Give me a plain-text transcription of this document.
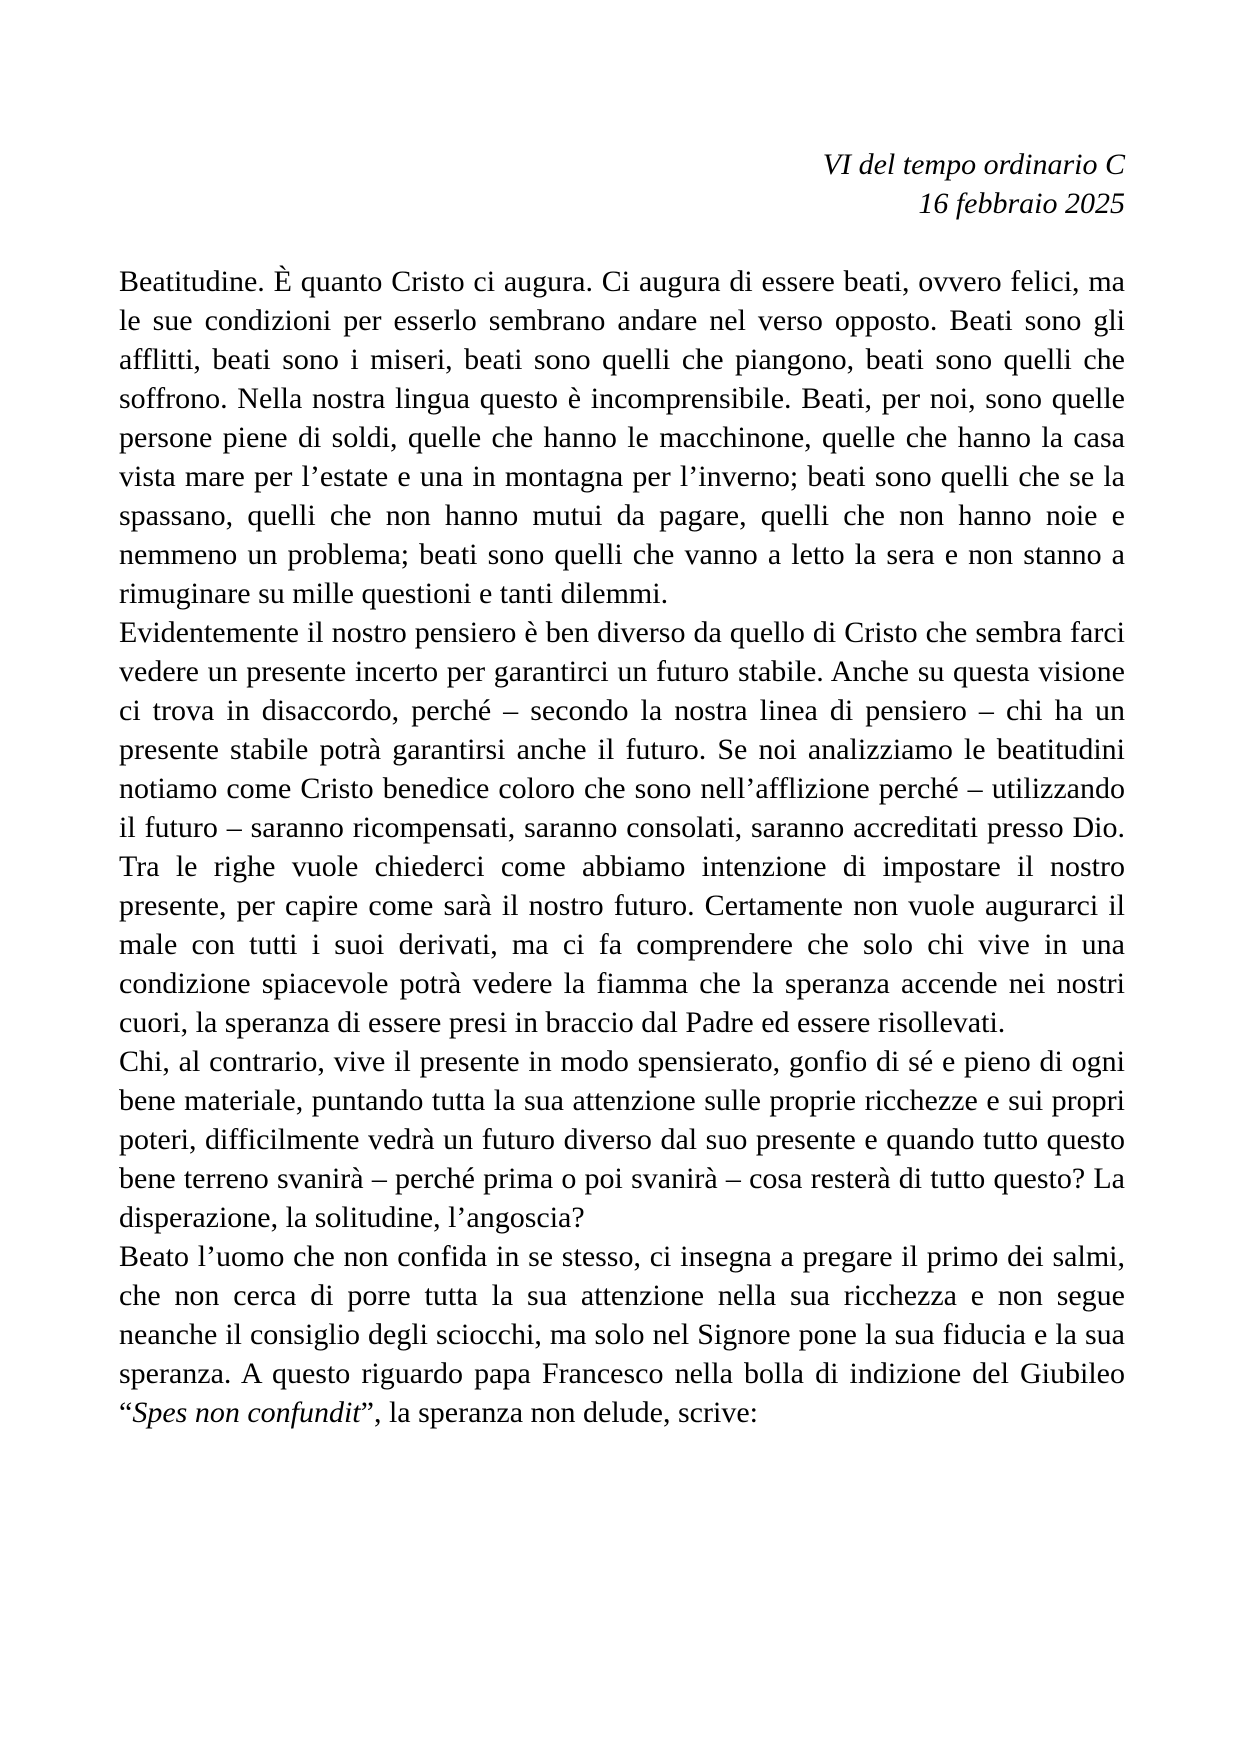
VI del tempo ordinario C
16 febbraio 2025

Beatitudine. È quanto Cristo ci augura. Ci augura di essere beati, ovvero felici, ma le sue condizioni per esserlo sembrano andare nel verso opposto. Beati sono gli afflitti, beati sono i miseri, beati sono quelli che piangono, beati sono quelli che soffrono. Nella nostra lingua questo è incomprensibile. Beati, per noi, sono quelle persone piene di soldi, quelle che hanno le macchinone, quelle che hanno la casa vista mare per l’estate e una in montagna per l’inverno; beati sono quelli che se la spassano, quelli che non hanno mutui da pagare, quelli che non hanno noie e nemmeno un problema; beati sono quelli che vanno a letto la sera e non stanno a rimuginare su mille questioni e tanti dilemmi.

Evidentemente il nostro pensiero è ben diverso da quello di Cristo che sembra farci vedere un presente incerto per garantirci un futuro stabile. Anche su questa visione ci trova in disaccordo, perché – secondo la nostra linea di pensiero – chi ha un presente stabile potrà garantirsi anche il futuro. Se noi analizziamo le beatitudini notiamo come Cristo benedice coloro che sono nell’afflizione perché – utilizzando il futuro – saranno ricompensati, saranno consolati, saranno accreditati presso Dio. Tra le righe vuole chiederci come abbiamo intenzione di impostare il nostro presente, per capire come sarà il nostro futuro. Certamente non vuole augurarci il male con tutti i suoi derivati, ma ci fa comprendere che solo chi vive in una condizione spiacevole potrà vedere la fiamma che la speranza accende nei nostri cuori, la speranza di essere presi in braccio dal Padre ed essere risollevati.

Chi, al contrario, vive il presente in modo spensierato, gonfio di sé e pieno di ogni bene materiale, puntando tutta la sua attenzione sulle proprie ricchezze e sui propri poteri, difficilmente vedrà un futuro diverso dal suo presente e quando tutto questo bene terreno svanirà – perché prima o poi svanirà – cosa resterà di tutto questo? La disperazione, la solitudine, l’angoscia?

Beato l’uomo che non confida in se stesso, ci insegna a pregare il primo dei salmi, che non cerca di porre tutta la sua attenzione nella sua ricchezza e non segue neanche il consiglio degli sciocchi, ma solo nel Signore pone la sua fiducia e la sua speranza. A questo riguardo papa Francesco nella bolla di indizione del Giubileo “Spes non confundit”, la speranza non delude, scrive:
